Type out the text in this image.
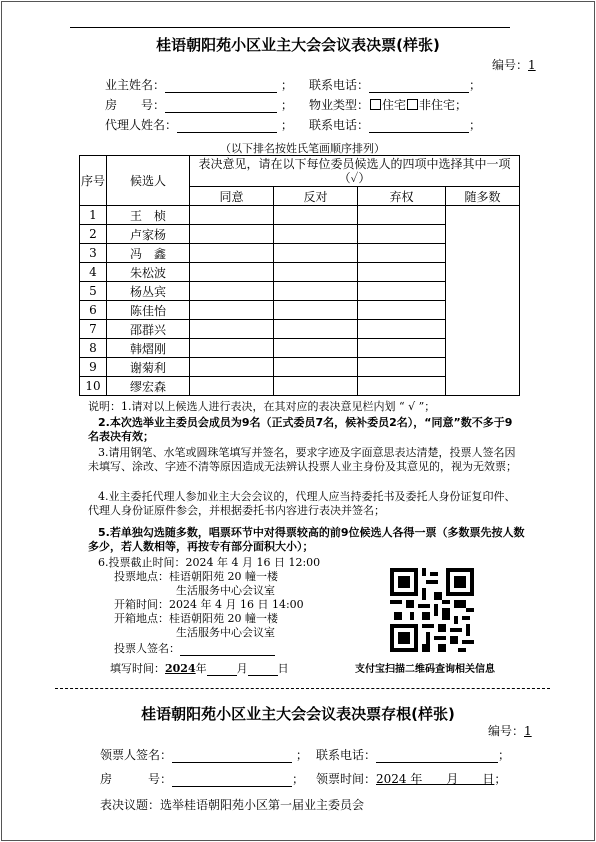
桂语朝阳苑小区业主大会会议表决票(样张)
编号：1
业主姓名：	； 联系电话：	；
房　　号：	； 物业类型： 住宅 非住宅；
代理人姓名：	； 联系电话：	；
（以下排名按姓氏笔画顺序排列）
序号	候选人	表决意见，请在以下每位委员候选人的四项中选择其中一项（✓）			
		同意	反对	弃权	随多数
1	王　桢				
2	卢家杨				
3	冯　鑫				
4	朱松波				
5	杨丛宾				
6	陈佳怡				
7	邵群兴				
8	韩熠刚				
9	谢菊利				
10	缪宏森				
说明：1.请对以上候选人进行表决，在其对应的表决意见栏内划 “ √ ”；
2.本次选举业主委员会成员为9名（正式委员7名，候补委员2名），“同意”数不多于9名表决有效；
3.请用钢笔、水笔或圆珠笔填写并签名，要求字迹及字面意思表达清楚，投票人签名因未填写、涂改、字迹不清等原因造成无法辨认投票人业主身份及其意见的，视为无效票；
4.业主委托代理人参加业主大会会议的，代理人应当持委托书及委托人身份证复印件、代理人身份证原件参会，并根据委托书内容进行表决并签名；
5.若单独勾选随多数，唱票环节中对得票较高的前9位候选人各得一票（多数票先按人数多少，若人数相等，再按专有部分面积大小）；
6.投票截止时间：2024 年 4 月 16 日 12:00
投票地点：桂语朝阳苑 20 幢一楼
生活服务中心会议室
开箱时间：2024 年 4 月 16 日 14:00
开箱地点：桂语朝阳苑 20 幢一楼
生活服务中心会议室
投票人签名：
填写时间：2024年	月	日	支付宝扫描二维码查询相关信息
桂语朝阳苑小区业主大会会议表决票存根(样张)
编号：1
领票人签名：	； 联系电话：	；
房　　　号：	； 领票时间：2024 年　　月　　日；
表决议题：选举桂语朝阳苑小区第一届业主委员会
